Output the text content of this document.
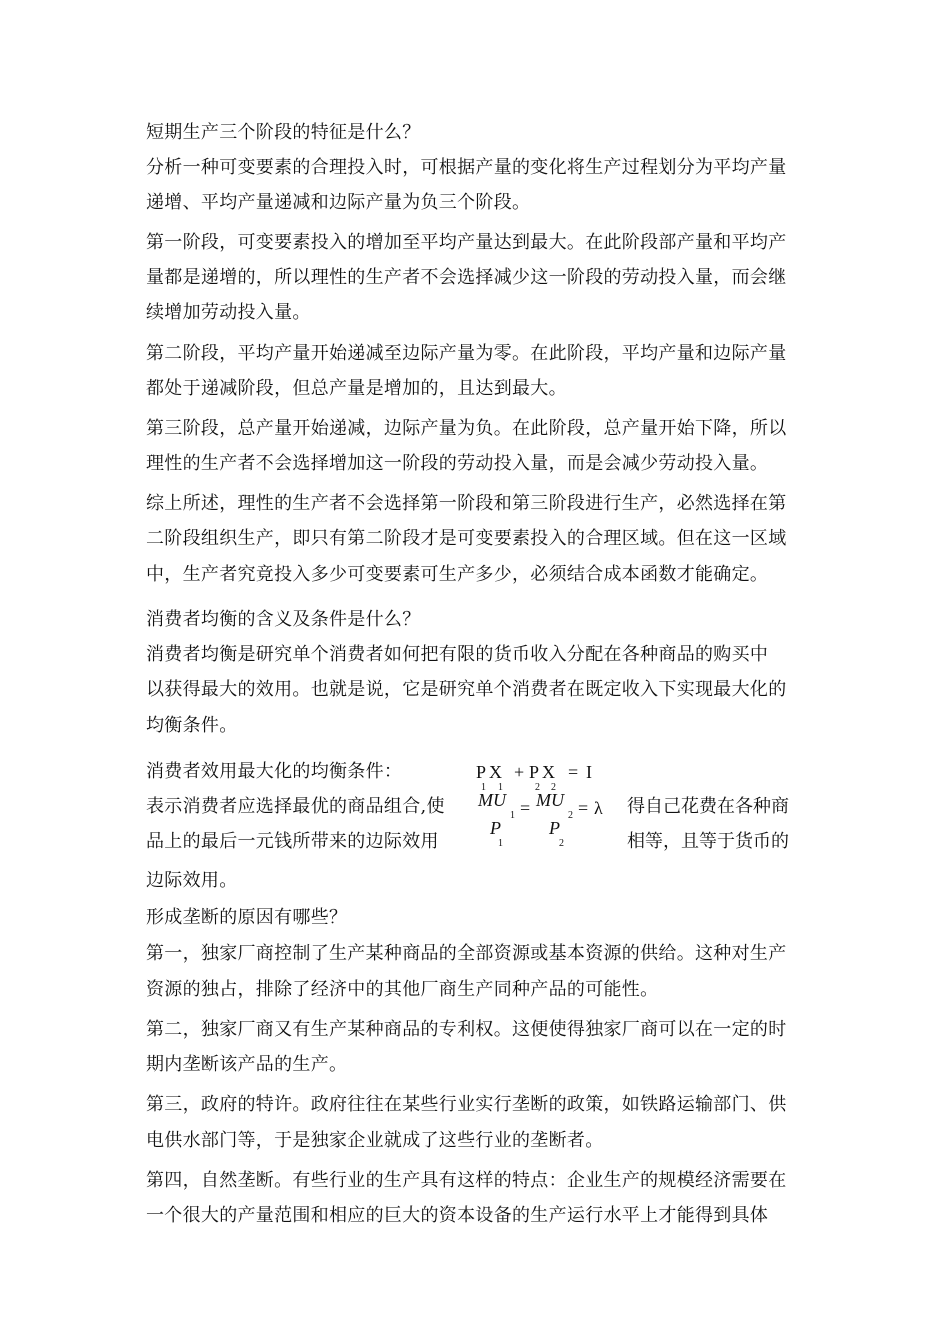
短期生产三个阶段的特征是什么？
分析一种可变要素的合理投入时，可根据产量的变化将生产过程划分为平均产量
递增、平均产量递减和边际产量为负三个阶段。
第一阶段，可变要素投入的增加至平均产量达到最大。在此阶段部产量和平均产
量都是递增的，所以理性的生产者不会选择减少这一阶段的劳动投入量，而会继
续增加劳动投入量。
第二阶段，平均产量开始递减至边际产量为零。在此阶段，平均产量和边际产量
都处于递减阶段，但总产量是增加的，且达到最大。
第三阶段，总产量开始递减，边际产量为负。在此阶段，总产量开始下降，所以
理性的生产者不会选择增加这一阶段的劳动投入量，而是会减少劳动投入量。
综上所述，理性的生产者不会选择第一阶段和第三阶段进行生产，必然选择在第
二阶段组织生产，即只有第二阶段才是可变要素投入的合理区域。但在这一区域
中，生产者究竟投入多少可变要素可生产多少，必须结合成本函数才能确定。
消费者均衡的含义及条件是什么？
消费者均衡是研究单个消费者如何把有限的货币收入分配在各种商品的购买中
以获得最大的效用。也就是说，它是研究单个消费者在既定收入下实现最大化的
均衡条件。
消费者效用最大化的均衡条件：
表示消费者应选择最优的商品组合,使
品上的最后一元钱所带来的边际效用
边际效用。
得自己花费在各种商
相等，且等于货币的
P X
1 1
+ P X
2 2
= I
MU
1
P
1
= MU
2
P
2
= λ
形成垄断的原因有哪些？
第一，独家厂商控制了生产某种商品的全部资源或基本资源的供给。这种对生产
资源的独占，排除了经济中的其他厂商生产同种产品的可能性。
第二，独家厂商又有生产某种商品的专利权。这便使得独家厂商可以在一定的时
期内垄断该产品的生产。
第三，政府的特许。政府往往在某些行业实行垄断的政策，如铁路运输部门、供
电供水部门等，于是独家企业就成了这些行业的垄断者。
第四，自然垄断。有些行业的生产具有这样的特点：企业生产的规模经济需要在
一个很大的产量范围和相应的巨大的资本设备的生产运行水平上才能得到具体
